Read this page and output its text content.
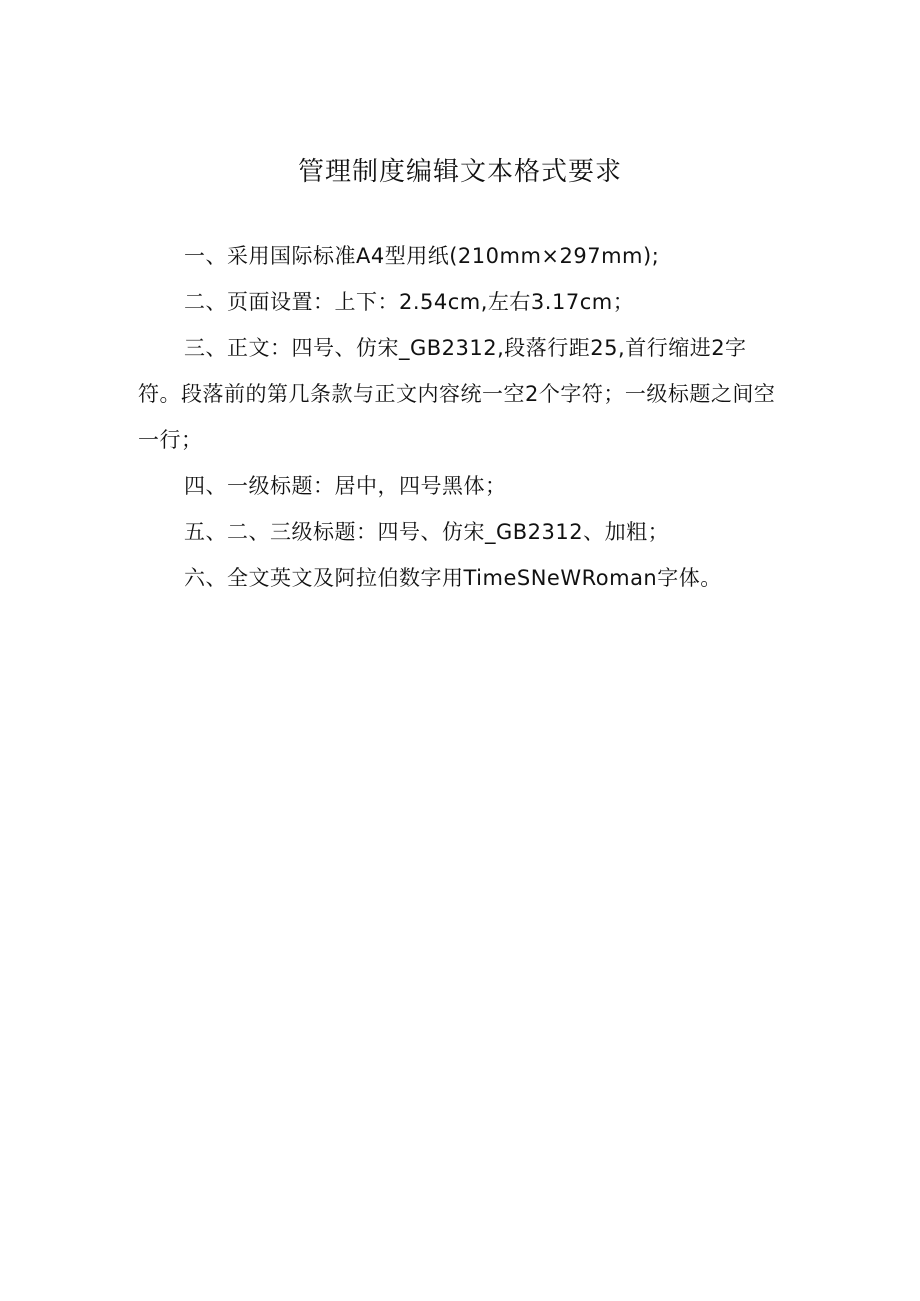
管理制度编辑文本格式要求

一、采用国际标准A4型用纸(210mm×297mm);

二、页面设置：上下：2.54cm,左右3.17cm；

三、正文：四号、仿宋_GB2312,段落行距25,首行缩进2字符。段落前的第几条款与正文内容统一空2个字符；一级标题之间空一行；

四、一级标题：居中，四号黑体；

五、二、三级标题：四号、仿宋_GB2312、加粗；

六、全文英文及阿拉伯数字用TimeSNeWRoman字体。
